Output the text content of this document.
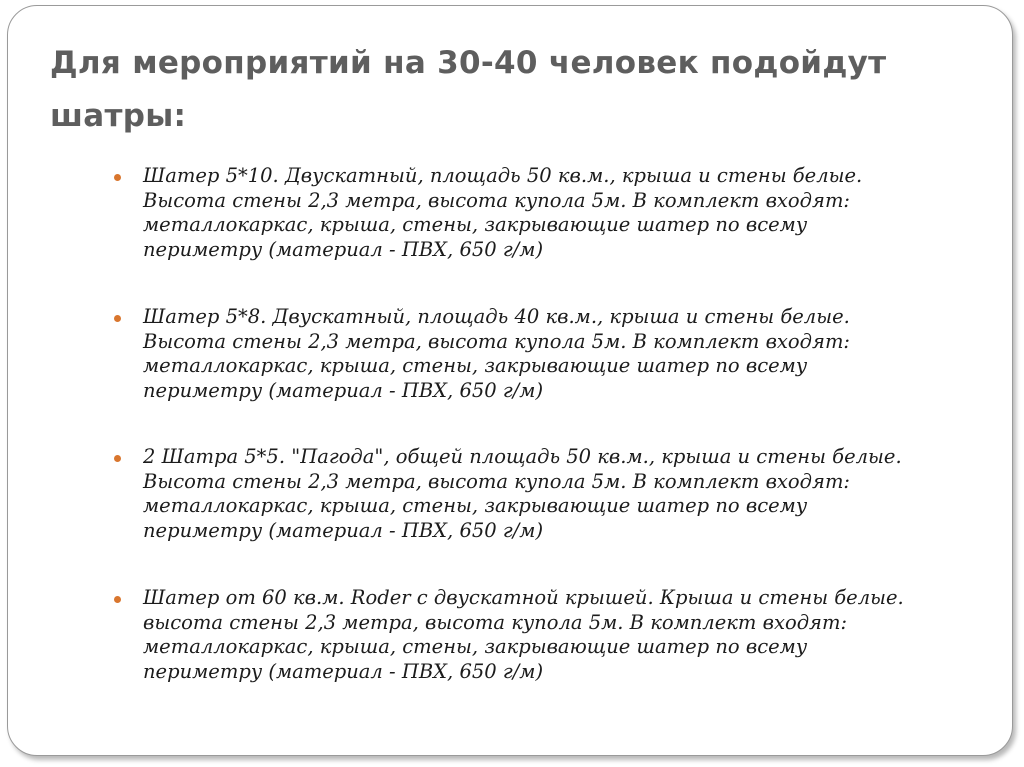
Для мероприятий на 30-40 человек подойдут шатры:

Шатер 5*10. Двускатный, площадь 50 кв.м., крыша и стены белые.
Высота стены 2,3 метра, высота купола 5м. В комплект входят:
металлокаркас, крыша, стены, закрывающие шатер по всему
периметру (материал - ПВХ, 650 г/м)

Шатер 5*8. Двускатный, площадь 40 кв.м., крыша и стены белые.
Высота стены 2,3 метра, высота купола 5м. В комплект входят:
металлокаркас, крыша, стены, закрывающие шатер по всему
периметру (материал - ПВХ, 650 г/м)

2 Шатра 5*5. "Пагода", общей площадь 50 кв.м., крыша и стены белые.
Высота стены 2,3 метра, высота купола 5м. В комплект входят:
металлокаркас, крыша, стены, закрывающие шатер по всему
периметру (материал - ПВХ, 650 г/м)

Шатер от 60 кв.м. Roder с двускатной крышей. Крыша и стены белые.
высота стены 2,3 метра, высота купола 5м. В комплект входят:
металлокаркас, крыша, стены, закрывающие шатер по всему
периметру (материал - ПВХ, 650 г/м)
